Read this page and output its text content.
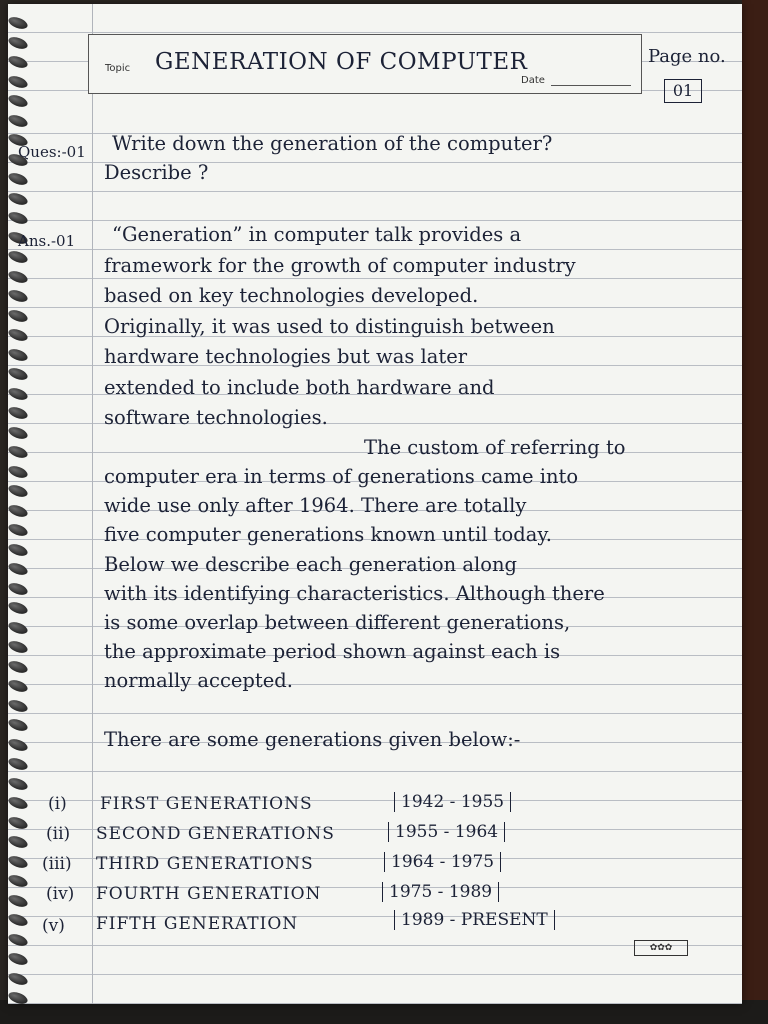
Topic GENERATION OF COMPUTER
Date
Page no.
01
Ques:-01 Write down the generation of the computer?
Describe ?
Ans.-01 “Generation” in computer talk provides a
framework for the growth of computer industry
based on key technologies developed.
Originally, it was used to distinguish between
hardware technologies but was later
extended to include both hardware and
software technologies.
The custom of referring to
computer era in terms of generations came into
wide use only after 1964. There are totally
five computer generations known until today.
Below we describe each generation along
with its identifying characteristics. Although there
is some overlap between different generations,
the approximate period shown against each is
normally accepted.
There are some generations given below:-
(i) FIRST GENERATIONS	1942 - 1955
(ii) SECOND GENERATIONS	1955 - 1964
(iii) THIRD GENERATIONS	1964 - 1975
(iv) FOURTH GENERATION	1975 - 1989
(v) FIFTH GENERATION	1989 - PRESENT
✿✿✿
